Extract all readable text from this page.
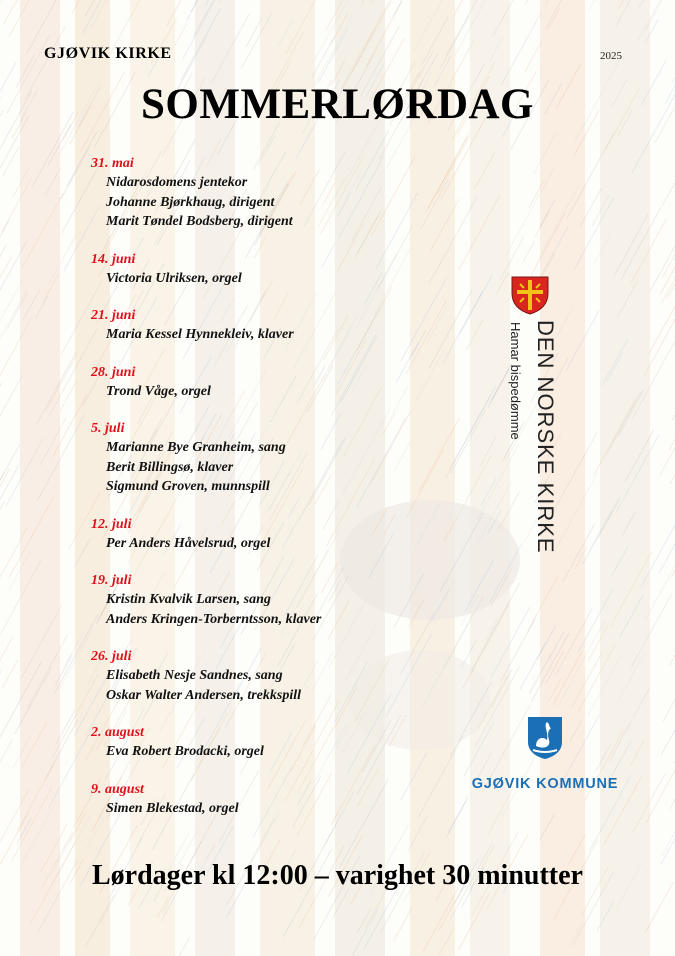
GJØVIK KIRKE	2025
SOMMERLØRDAG
31. mai
Nidarosdomens jentekor
Johanne Bjørkhaug, dirigent
Marit Tøndel Bodsberg, dirigent
14. juni
Victoria Ulriksen, orgel
21. juni
Maria Kessel Hynnekleiv, klaver
28. juni
Trond Våge, orgel
5. juli
Marianne Bye Granheim, sang
Berit Billingsø, klaver
Sigmund Groven, munnspill
12. juli
Per Anders Håvelsrud, orgel
19. juli
Kristin Kvalvik Larsen, sang
Anders Kringen-Torberntsson, klaver
26. juli
Elisabeth Nesje Sandnes, sang
Oskar Walter Andersen, trekkspill
2. august
Eva Robert Brodacki, orgel
9. august
Simen Blekestad, orgel
DEN NORSKE KIRKE
Hamar bispedømme
GJØVIK KOMMUNE
Lørdager kl 12:00 – varighet 30 minutter
